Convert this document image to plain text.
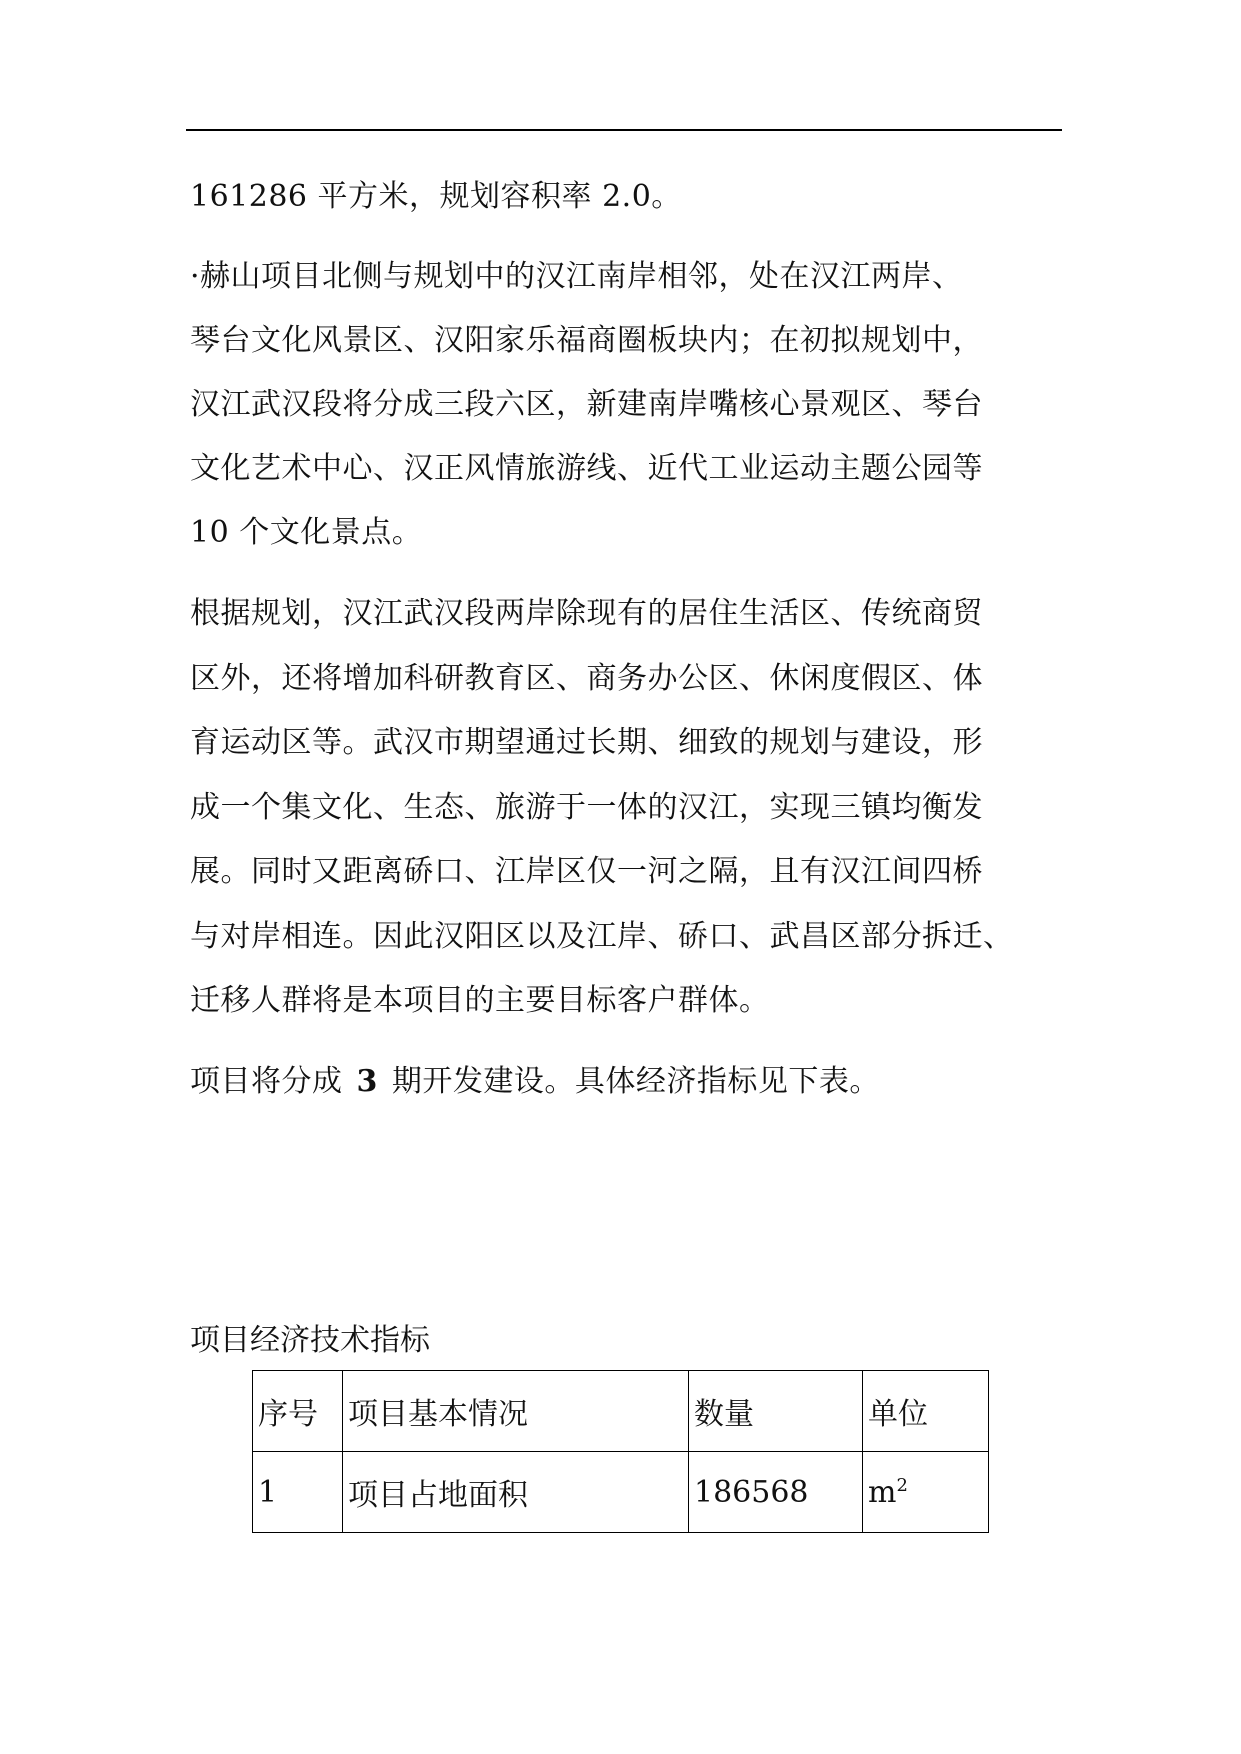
161286 平方米，规划容积率 2.0。
·赫山项目北侧与规划中的汉江南岸相邻，处在汉江两岸、
琴台文化风景区、汉阳家乐福商圈板块内；在初拟规划中，
汉江武汉段将分成三段六区，新建南岸嘴核心景观区、琴台
文化艺术中心、汉正风情旅游线、近代工业运动主题公园等
10 个文化景点。
根据规划，汉江武汉段两岸除现有的居住生活区、传统商贸
区外，还将增加科研教育区、商务办公区、休闲度假区、体
育运动区等。武汉市期望通过长期、细致的规划与建设，形
成一个集文化、生态、旅游于一体的汉江，实现三镇均衡发
展。同时又距离硚口、江岸区仅一河之隔，且有汉江间四桥
与对岸相连。因此汉阳区以及江岸、硚口、武昌区部分拆迁、
迁移人群将是本项目的主要目标客户群体。
项目将分成 3 期开发建设。具体经济指标见下表。
项目经济技术指标
序号	项目基本情况	数量	单位
1	项目占地面积	186568	$m^2$
